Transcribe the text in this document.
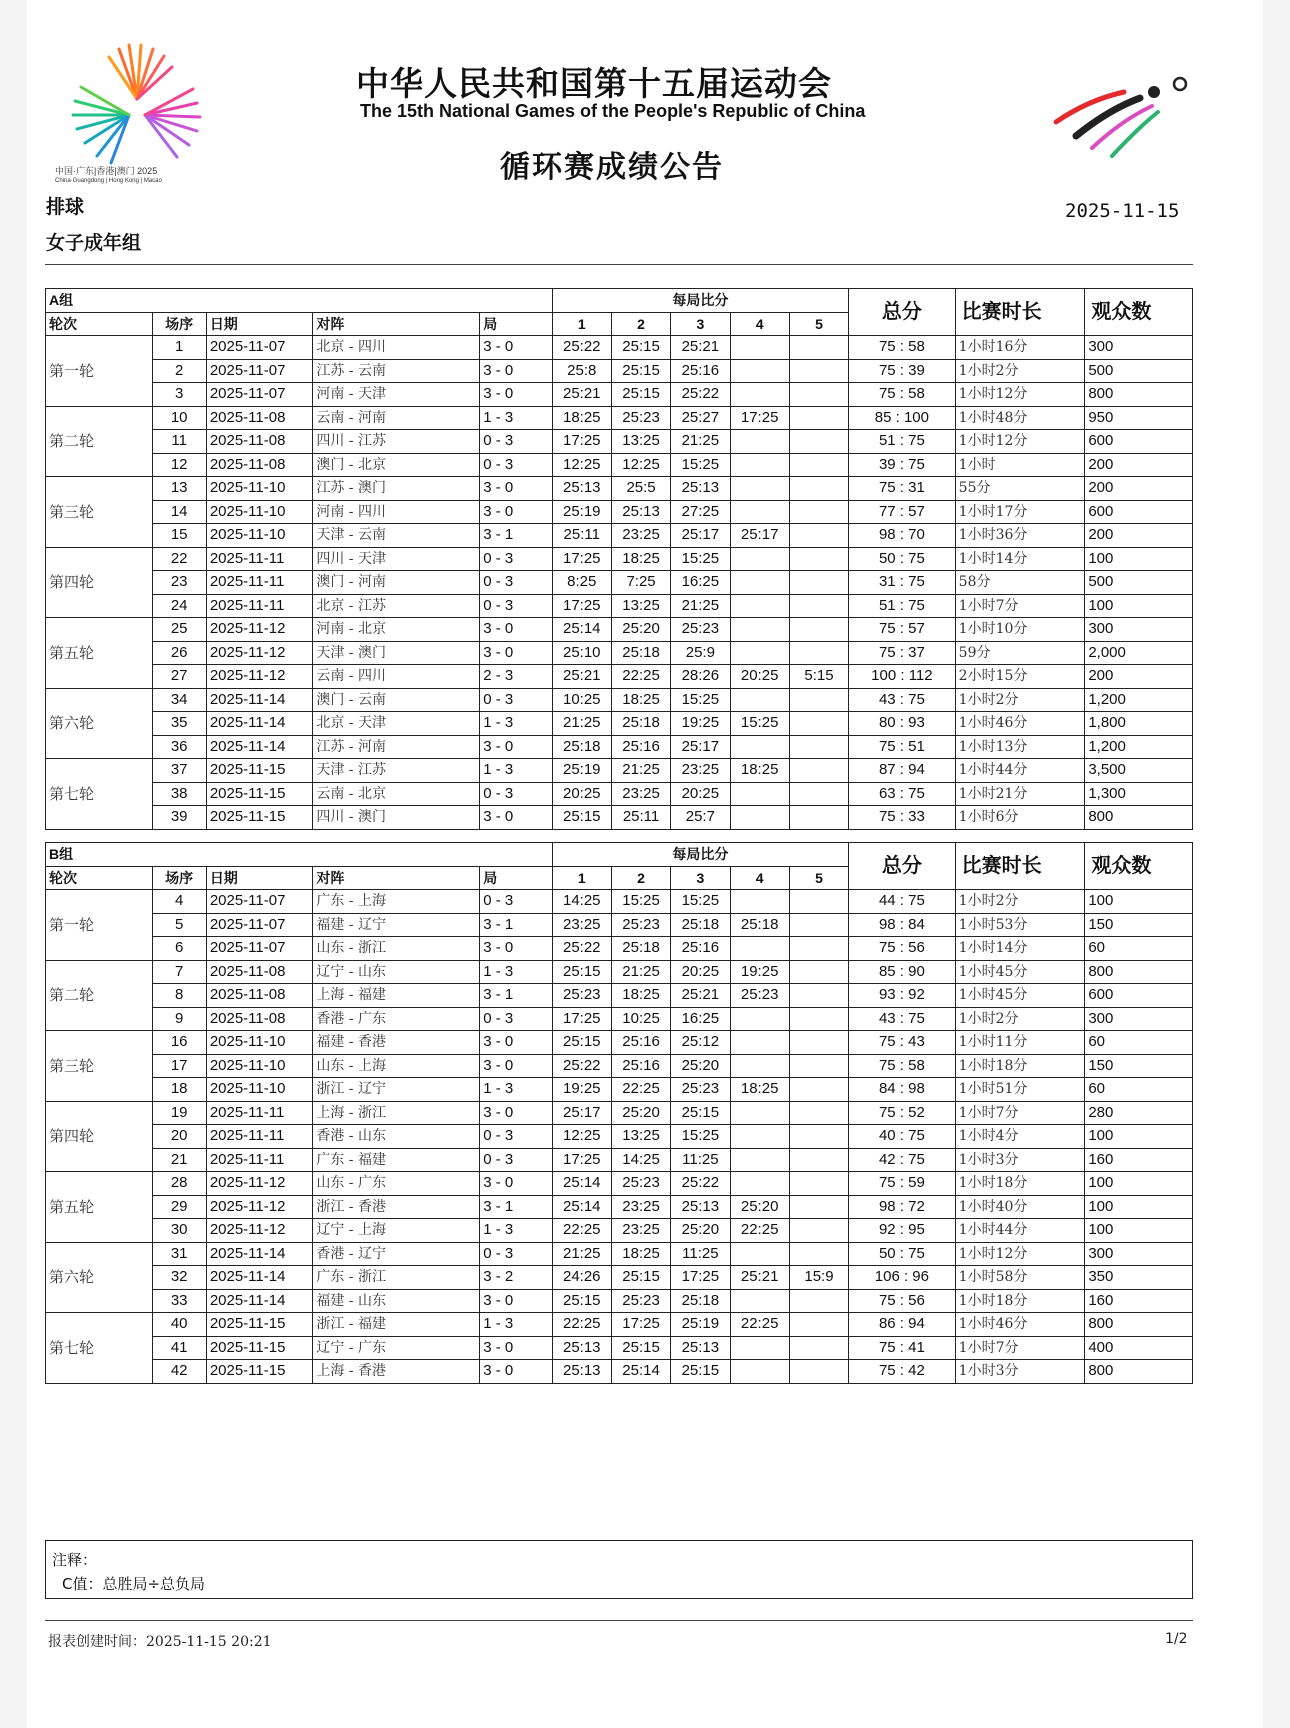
中国·广东|香港|澳门 2025
China·Guangdong | Hong Kong | Macao
中华人民共和国第十五届运动会
The 15th National Games of the People's Republic of China
循环赛成绩公告
排球
女子成年组
2025-11-15
A组					每局比分					总分	比赛时长	观众数
轮次	场序	日期	对阵	局	1	2	3	4	5			
第一轮	1	2025-11-07	北京 - 四川	3 - 0	25:22	25:15	25:21			75 : 58	1小时16分	300
	2	2025-11-07	江苏 - 云南	3 - 0	25:8	25:15	25:16			75 : 39	1小时2分	500
	3	2025-11-07	河南 - 天津	3 - 0	25:21	25:15	25:22			75 : 58	1小时12分	800
第二轮	10	2025-11-08	云南 - 河南	1 - 3	18:25	25:23	25:27	17:25		85 : 100	1小时48分	950
	11	2025-11-08	四川 - 江苏	0 - 3	17:25	13:25	21:25			51 : 75	1小时12分	600
	12	2025-11-08	澳门 - 北京	0 - 3	12:25	12:25	15:25			39 : 75	1小时	200
第三轮	13	2025-11-10	江苏 - 澳门	3 - 0	25:13	25:5	25:13			75 : 31	55分	200
	14	2025-11-10	河南 - 四川	3 - 0	25:19	25:13	27:25			77 : 57	1小时17分	600
	15	2025-11-10	天津 - 云南	3 - 1	25:11	23:25	25:17	25:17		98 : 70	1小时36分	200
第四轮	22	2025-11-11	四川 - 天津	0 - 3	17:25	18:25	15:25			50 : 75	1小时14分	100
	23	2025-11-11	澳门 - 河南	0 - 3	8:25	7:25	16:25			31 : 75	58分	500
	24	2025-11-11	北京 - 江苏	0 - 3	17:25	13:25	21:25			51 : 75	1小时7分	100
第五轮	25	2025-11-12	河南 - 北京	3 - 0	25:14	25:20	25:23			75 : 57	1小时10分	300
	26	2025-11-12	天津 - 澳门	3 - 0	25:10	25:18	25:9			75 : 37	59分	2,000
	27	2025-11-12	云南 - 四川	2 - 3	25:21	22:25	28:26	20:25	5:15	100 : 112	2小时15分	200
第六轮	34	2025-11-14	澳门 - 云南	0 - 3	10:25	18:25	15:25			43 : 75	1小时2分	1,200
	35	2025-11-14	北京 - 天津	1 - 3	21:25	25:18	19:25	15:25		80 : 93	1小时46分	1,800
	36	2025-11-14	江苏 - 河南	3 - 0	25:18	25:16	25:17			75 : 51	1小时13分	1,200
第七轮	37	2025-11-15	天津 - 江苏	1 - 3	25:19	21:25	23:25	18:25		87 : 94	1小时44分	3,500
	38	2025-11-15	云南 - 北京	0 - 3	20:25	23:25	20:25			63 : 75	1小时21分	1,300
	39	2025-11-15	四川 - 澳门	3 - 0	25:15	25:11	25:7			75 : 33	1小时6分	800
B组					每局比分					总分	比赛时长	观众数
轮次	场序	日期	对阵	局	1	2	3	4	5			
第一轮	4	2025-11-07	广东 - 上海	0 - 3	14:25	15:25	15:25			44 : 75	1小时2分	100
	5	2025-11-07	福建 - 辽宁	3 - 1	23:25	25:23	25:18	25:18		98 : 84	1小时53分	150
	6	2025-11-07	山东 - 浙江	3 - 0	25:22	25:18	25:16			75 : 56	1小时14分	60
第二轮	7	2025-11-08	辽宁 - 山东	1 - 3	25:15	21:25	20:25	19:25		85 : 90	1小时45分	800
	8	2025-11-08	上海 - 福建	3 - 1	25:23	18:25	25:21	25:23		93 : 92	1小时45分	600
	9	2025-11-08	香港 - 广东	0 - 3	17:25	10:25	16:25			43 : 75	1小时2分	300
第三轮	16	2025-11-10	福建 - 香港	3 - 0	25:15	25:16	25:12			75 : 43	1小时11分	60
	17	2025-11-10	山东 - 上海	3 - 0	25:22	25:16	25:20			75 : 58	1小时18分	150
	18	2025-11-10	浙江 - 辽宁	1 - 3	19:25	22:25	25:23	18:25		84 : 98	1小时51分	60
第四轮	19	2025-11-11	上海 - 浙江	3 - 0	25:17	25:20	25:15			75 : 52	1小时7分	280
	20	2025-11-11	香港 - 山东	0 - 3	12:25	13:25	15:25			40 : 75	1小时4分	100
	21	2025-11-11	广东 - 福建	0 - 3	17:25	14:25	11:25			42 : 75	1小时3分	160
第五轮	28	2025-11-12	山东 - 广东	3 - 0	25:14	25:23	25:22			75 : 59	1小时18分	100
	29	2025-11-12	浙江 - 香港	3 - 1	25:14	23:25	25:13	25:20		98 : 72	1小时40分	100
	30	2025-11-12	辽宁 - 上海	1 - 3	22:25	23:25	25:20	22:25		92 : 95	1小时44分	100
第六轮	31	2025-11-14	香港 - 辽宁	0 - 3	21:25	18:25	11:25			50 : 75	1小时12分	300
	32	2025-11-14	广东 - 浙江	3 - 2	24:26	25:15	17:25	25:21	15:9	106 : 96	1小时58分	350
	33	2025-11-14	福建 - 山东	3 - 0	25:15	25:23	25:18			75 : 56	1小时18分	160
第七轮	40	2025-11-15	浙江 - 福建	1 - 3	22:25	17:25	25:19	22:25		86 : 94	1小时46分	800
	41	2025-11-15	辽宁 - 广东	3 - 0	25:13	25:15	25:13			75 : 41	1小时7分	400
	42	2025-11-15	上海 - 香港	3 - 0	25:13	25:14	25:15			75 : 42	1小时3分	800
注释：
C值：总胜局÷总负局
报表创建时间：2025-11-15 20:21	1/2
